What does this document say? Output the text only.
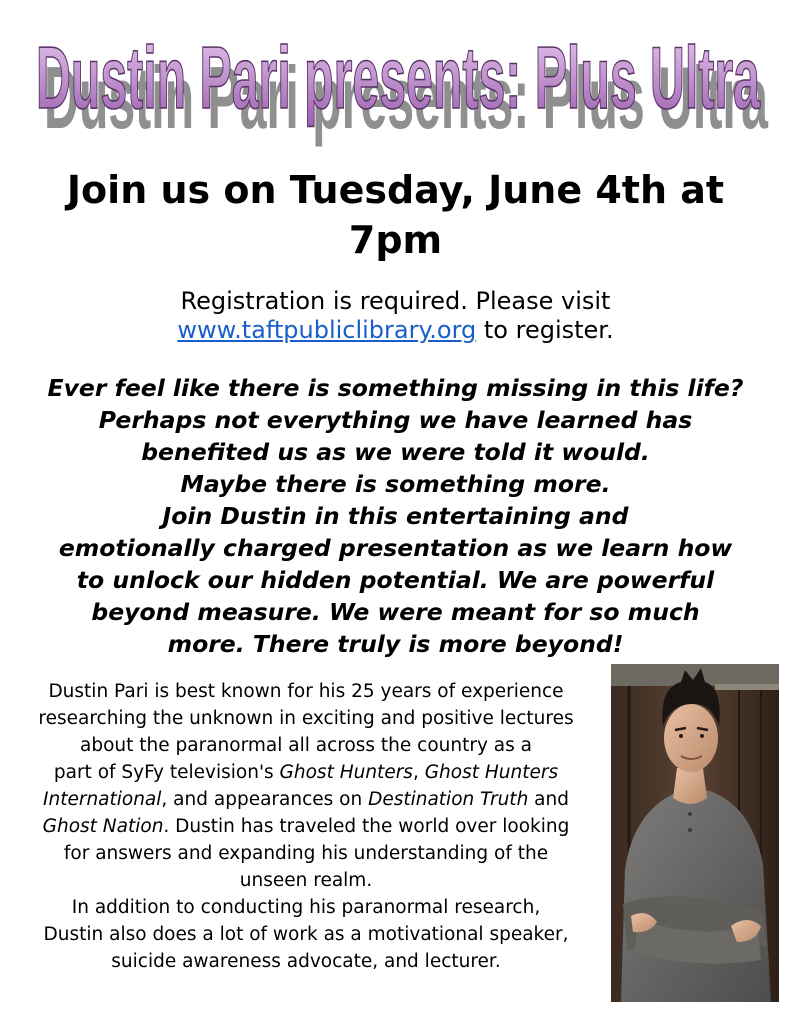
Dustin Pari presents: Plus Ultra
Dustin Pari presents: Plus Ultra
Join us on Tuesday, June 4th at
7pm
Registration is required. Please visit
www.taftpubliclibrary.org to register.
Ever feel like there is something missing in this life?
Perhaps not everything we have learned has
benefited us as we were told it would.
Maybe there is something more.
Join Dustin in this entertaining and
emotionally charged presentation as we learn how
to unlock our hidden potential. We are powerful
beyond measure. We were meant for so much
more. There truly is more beyond!
Dustin Pari is best known for his 25 years of experience
researching the unknown in exciting and positive lectures
about the paranormal all across the country as a
part of SyFy television's Ghost Hunters, Ghost Hunters
International, and appearances on Destination Truth and
Ghost Nation. Dustin has traveled the world over looking
for answers and expanding his understanding of the
unseen realm.
In addition to conducting his paranormal research,
Dustin also does a lot of work as a motivational speaker,
suicide awareness advocate, and lecturer.
